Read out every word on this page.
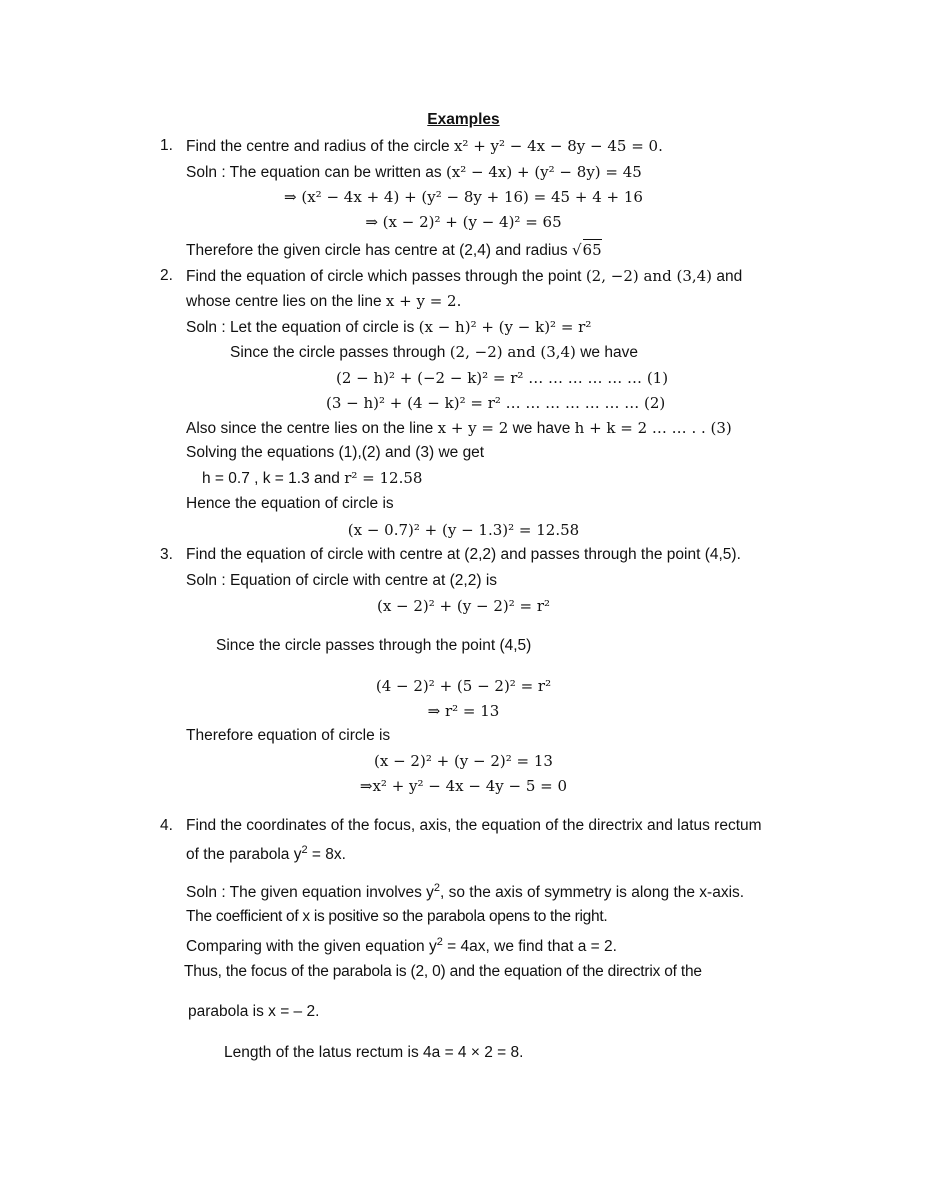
Examples
1. Find the centre and radius of the circle x² + y² − 4x − 8y − 45 = 0.
Soln : The equation can be written as (x² − 4x) + (y² − 8y) = 45
⇒ (x² − 4x + 4) + (y² − 8y + 16) = 45 + 4 + 16
⇒ (x − 2)² + (y − 4)² = 65
Therefore the given circle has centre at (2,4) and radius √65
2. Find the equation of circle which passes through the point (2, −2) and (3,4) and
whose centre lies on the line x + y = 2.
Soln : Let the equation of circle is (x − h)² + (y − k)² = r²
Since the circle passes through (2, −2) and (3,4) we have
(2 − h)² + (−2 − k)² = r² … … … … … … (1)
(3 − h)² + (4 − k)² = r² … … … … … … … (2)
Also since the centre lies on the line x + y = 2 we have h + k = 2 … … . . (3)
Solving the equations (1),(2) and (3) we get
h = 0.7 , k = 1.3 and r² = 12.58
Hence the equation of circle is
(x − 0.7)² + (y − 1.3)² = 12.58
3. Find the equation of circle with centre at (2,2) and passes through the point (4,5).
Soln : Equation of circle with centre at (2,2) is
(x − 2)² + (y − 2)² = r²
Since the circle passes through the point (4,5)
(4 − 2)² + (5 − 2)² = r²
⇒ r² = 13
Therefore equation of circle is
(x − 2)² + (y − 2)² = 13
⇒x² + y² − 4x − 4y − 5 = 0
4. Find the coordinates of the focus, axis, the equation of the directrix and latus rectum
of the parabola $y^2 = 8x$.
Soln : The given equation involves $y^2$, so the axis of symmetry is along the x-axis.
The coefficient of x is positive so the parabola opens to the right.
Comparing with the given equation $y^2 = 4ax$, we find that a = 2.
Thus, the focus of the parabola is (2, 0) and the equation of the directrix of the
parabola is x = – 2.
Length of the latus rectum is 4a = 4 × 2 = 8.
